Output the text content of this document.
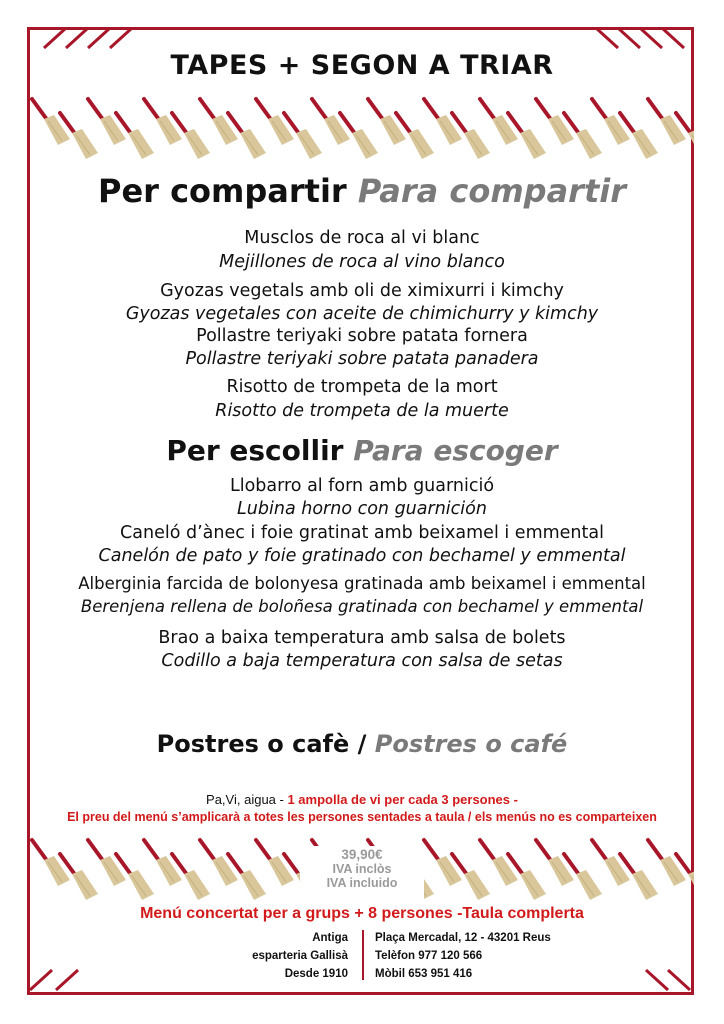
TAPES + SEGON A TRIAR
Per compartir Para compartir
Musclos de roca al vi blanc
Mejillones de roca al vino blanco
Gyozas vegetals amb oli de ximixurri i kimchy
Gyozas vegetales con aceite de chimichurry y kimchy
Pollastre teriyaki sobre patata fornera
Pollastre teriyaki sobre patata panadera
Risotto de trompeta de la mort
Risotto de trompeta de la muerte
Per escollir Para escoger
Llobarro al forn amb guarnició
Lubina horno con guarnición
Caneló d’ànec i foie gratinat amb beixamel i emmental
Canelón de pato y foie gratinado con bechamel y emmental
Alberginia farcida de bolonyesa gratinada amb beixamel i emmental
Berenjena rellena de boloñesa gratinada con bechamel y emmental
Brao a baixa temperatura amb salsa de bolets
Codillo a baja temperatura con salsa de setas
Postres o cafè / Postres o café
Pa,Vi, aigua - 1 ampolla de vi per cada 3 persones -
El preu del menú s’amplicarà a totes les persones sentades a taula / els menús no es comparteixen
39,90€
IVA inclòs
IVA incluido
Menú concertat per a grups + 8 persones -Taula complerta
Antiga
esparteria Gallisà
Desde 1910
Plaça Mercadal, 12 - 43201 Reus
Telèfon 977 120 566
Mòbil 653 951 416
